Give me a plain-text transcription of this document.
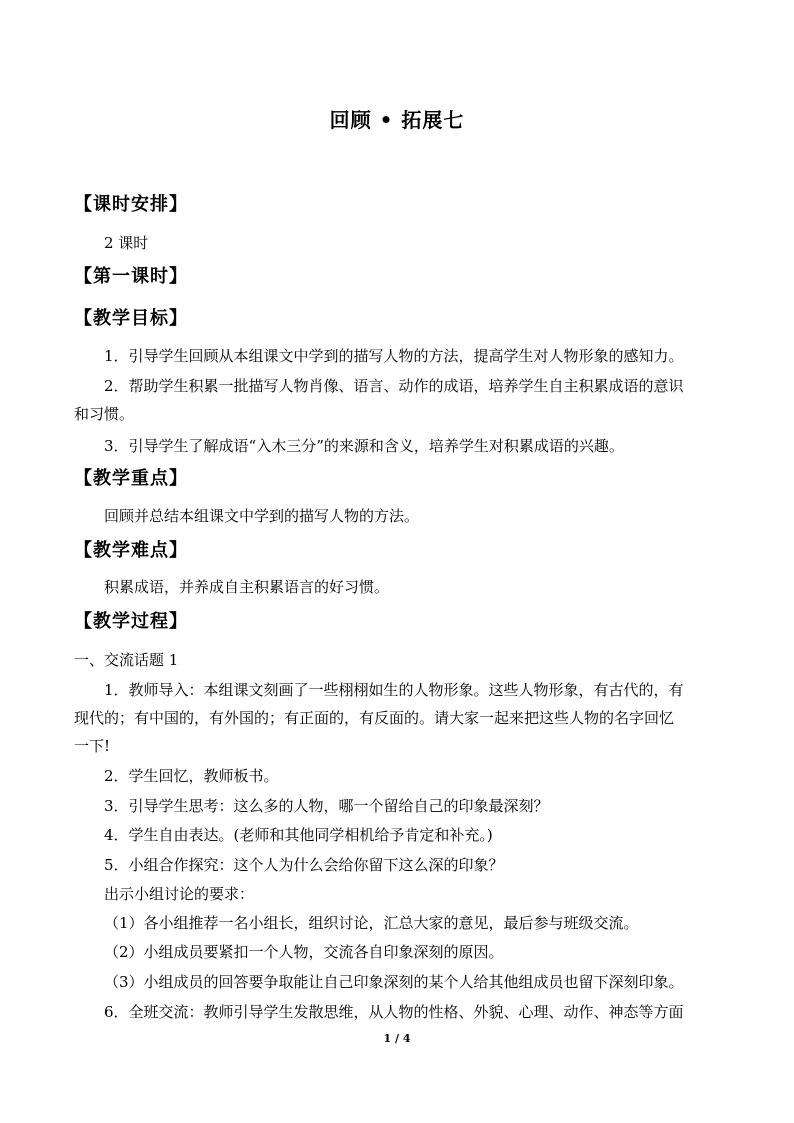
回顾 • 拓展七
【课时安排】
2 课时
【第一课时】
【教学目标】
1．引导学生回顾从本组课文中学到的描写人物的方法，提高学生对人物形象的感知力。
2．帮助学生积累一批描写人物肖像、语言、动作的成语，培养学生自主积累成语的意识
和习惯。
3．引导学生了解成语“入木三分”的来源和含义，培养学生对积累成语的兴趣。
【教学重点】
回顾并总结本组课文中学到的描写人物的方法。
【教学难点】
积累成语，并养成自主积累语言的好习惯。
【教学过程】
一、交流话题 1
1．教师导入：本组课文刻画了一些栩栩如生的人物形象。这些人物形象，有古代的，有
现代的；有中国的，有外国的；有正面的，有反面的。请大家一起来把这些人物的名字回忆
一下!
2．学生回忆，教师板书。
3．引导学生思考：这么多的人物，哪一个留给自己的印象最深刻？
4．学生自由表达。(老师和其他同学相机给予肯定和补充。)
5．小组合作探究：这个人为什么会给你留下这么深的印象？
出示小组讨论的要求：
（1）各小组推荐一名小组长，组织讨论，汇总大家的意见，最后参与班级交流。
（2）小组成员要紧扣一个人物，交流各自印象深刻的原因。
（3）小组成员的回答要争取能让自己印象深刻的某个人给其他组成员也留下深刻印象。
6．全班交流：教师引导学生发散思维，从人物的性格、外貌、心理、动作、神态等方面
1 / 4
